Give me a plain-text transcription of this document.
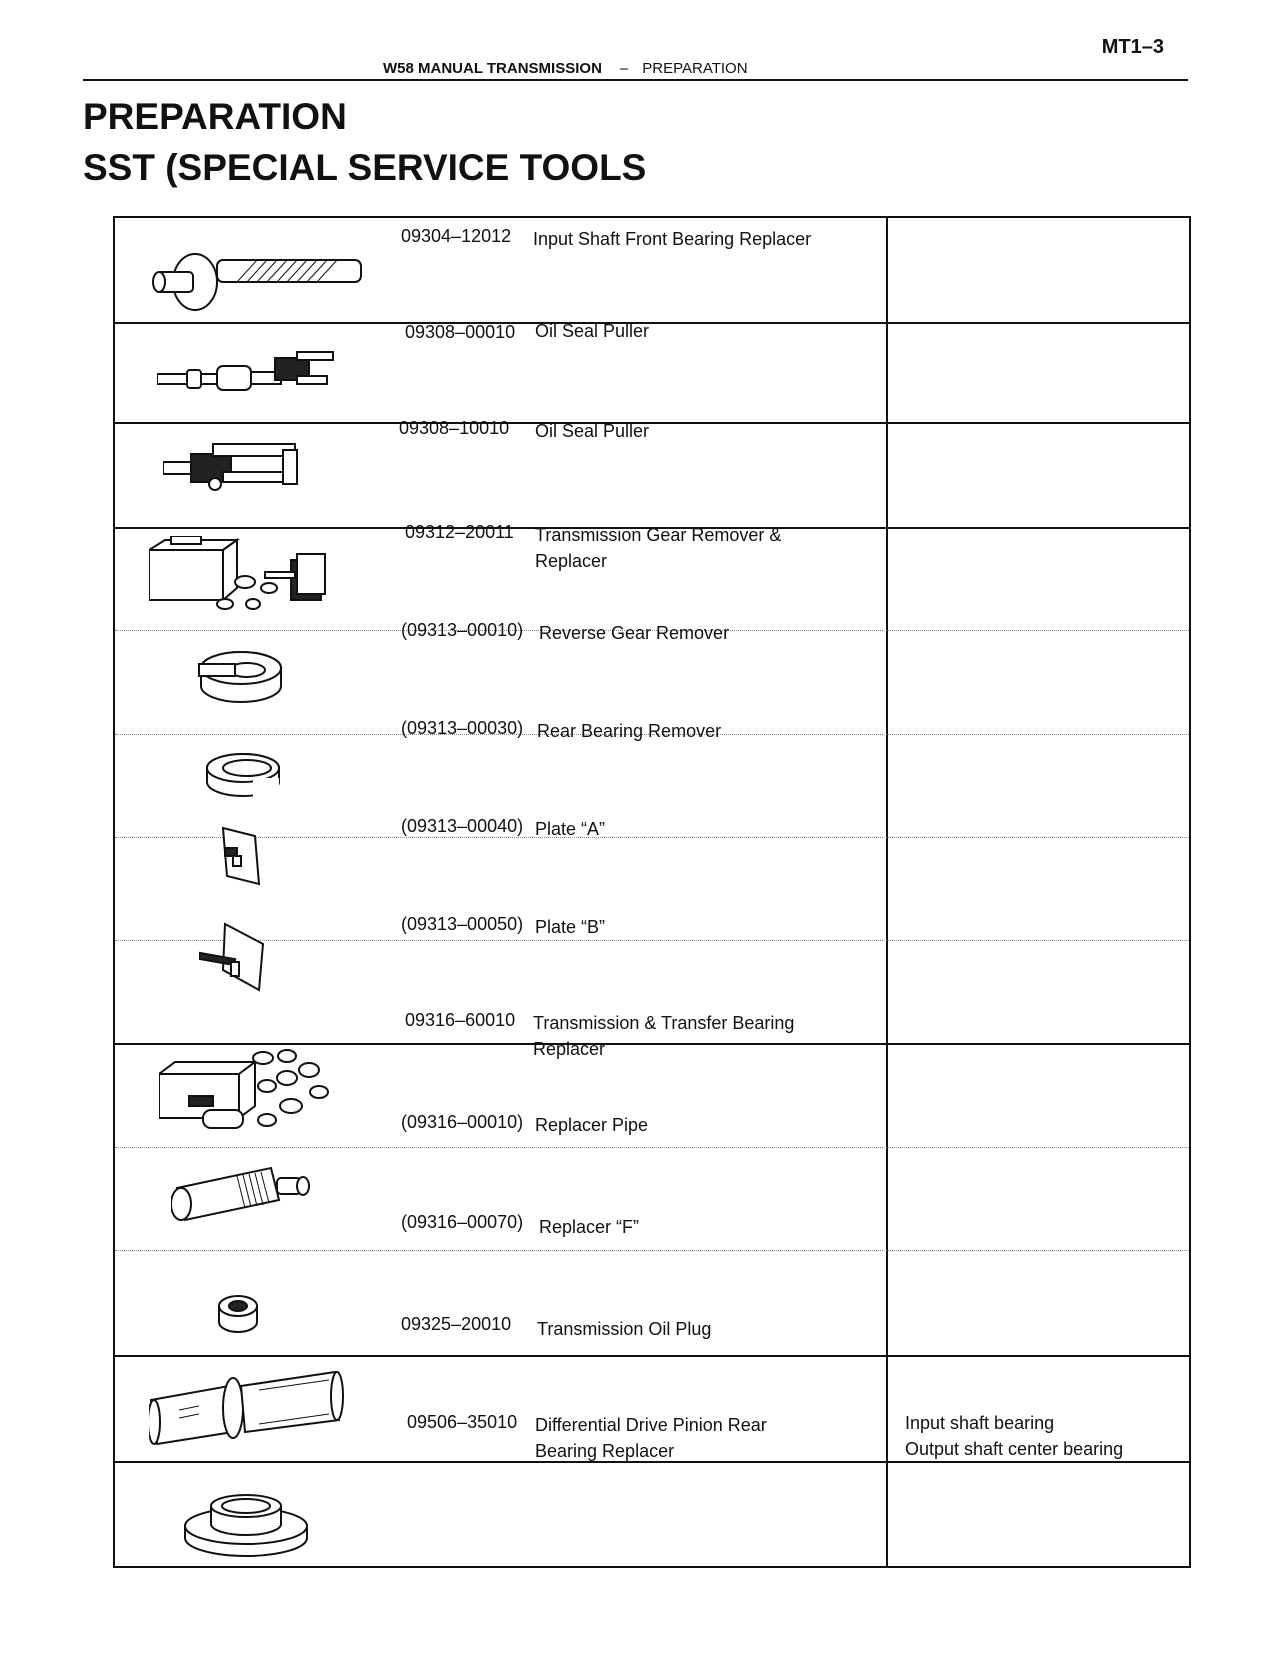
MT1–3
W58 MANUAL TRANSMISSION – PREPARATION
PREPARATION
SST (SPECIAL SERVICE TOOLS
09304–12012 Input Shaft Front Bearing Replacer
09308–00010 Oil Seal Puller
09308–10010 Oil Seal Puller
09312–20011 Transmission Gear Remover & Replacer
(09313–00010) Reverse Gear Remover
(09313–00030) Rear Bearing Remover
(09313–00040) Plate “A”
(09313–00050) Plate “B”
09316–60010 Transmission & Transfer Bearing Replacer
(09316–00010) Replacer Pipe
(09316–00070) Replacer “F”
09325–20010 Transmission Oil Plug
09506–35010 Differential Drive Pinion Rear Bearing Replacer
Input shaft bearing
Output shaft center bearing
